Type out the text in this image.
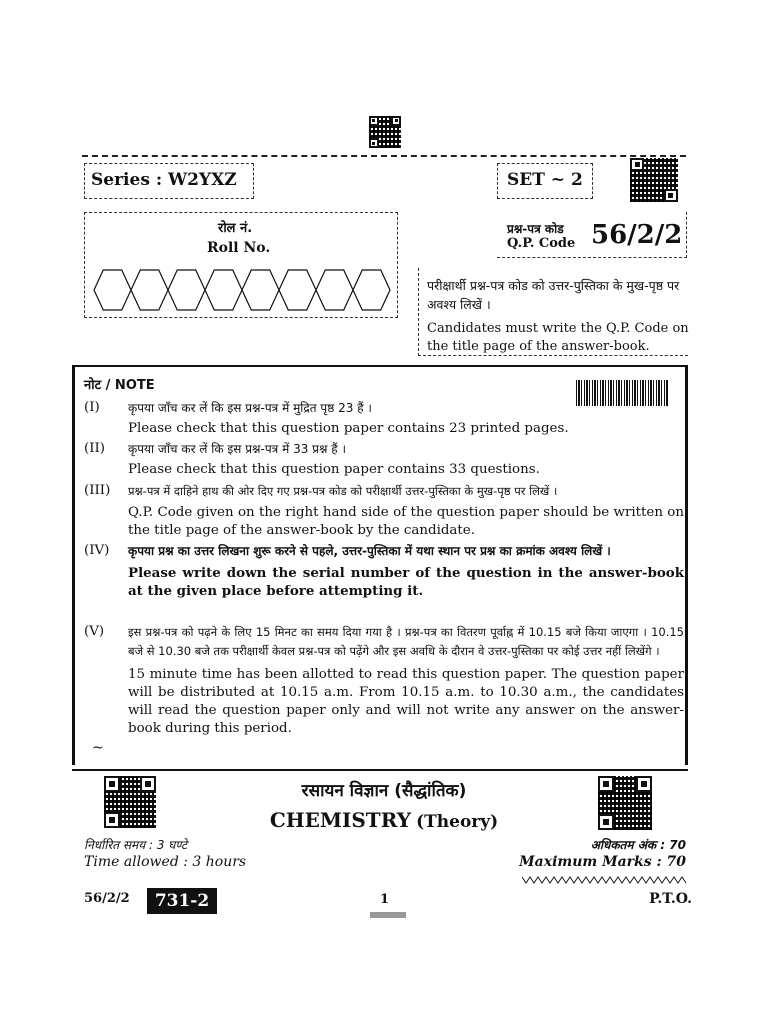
Series : W2YXZ	SET ~ 2
रोल नं.
Roll No.
प्रश्न-पत्र कोड
Q.P. Code 56/2/2
परीक्षार्थी प्रश्न-पत्र कोड को उत्तर-पुस्तिका के मुख-पृष्ठ पर अवश्य लिखें ।
Candidates must write the Q.P. Code on the title page of the answer-book.
नोट / NOTE
(I)	कृपया जाँच कर लें कि इस प्रश्न-पत्र में मुद्रित पृष्ठ 23 हैं ।
Please check that this question paper contains 23 printed pages.
(II)	कृपया जाँच कर लें कि इस प्रश्न-पत्र में 33 प्रश्न हैं ।
Please check that this question paper contains 33 questions.
(III)	प्रश्न-पत्र में दाहिने हाथ की ओर दिए गए प्रश्न-पत्र कोड को परीक्षार्थी उत्तर-पुस्तिका के मुख-पृष्ठ पर लिखें ।
Q.P. Code given on the right hand side of the question paper should be written on the title page of the answer-book by the candidate.
(IV)	कृपया प्रश्न का उत्तर लिखना शुरू करने से पहले, उत्तर-पुस्तिका में यथा स्थान पर प्रश्न का क्रमांक अवश्य लिखें ।
Please write down the serial number of the question in the answer-book at the given place before attempting it.
(V)	इस प्रश्न-पत्र को पढ़ने के लिए 15 मिनट का समय दिया गया है । प्रश्न-पत्र का वितरण पूर्वाह्न में 10.15 बजे किया जाएगा । 10.15 बजे से 10.30 बजे तक परीक्षार्थी केवल प्रश्न-पत्र को पढ़ेंगे और इस अवधि के दौरान वे उत्तर-पुस्तिका पर कोई उत्तर नहीं लिखेंगे ।
15 minute time has been allotted to read this question paper. The question paper will be distributed at 10.15 a.m. From 10.15 a.m. to 10.30 a.m., the candidates will read the question paper only and will not write any answer on the answer-book during this period.
~
रसायन विज्ञान (सैद्धांतिक)
CHEMISTRY (Theory)
निर्धारित समय : 3 घण्टे
Time allowed : 3 hours
अधिकतम अंक : 70
Maximum Marks : 70
56/2/2	731-2	1	P.T.O.
